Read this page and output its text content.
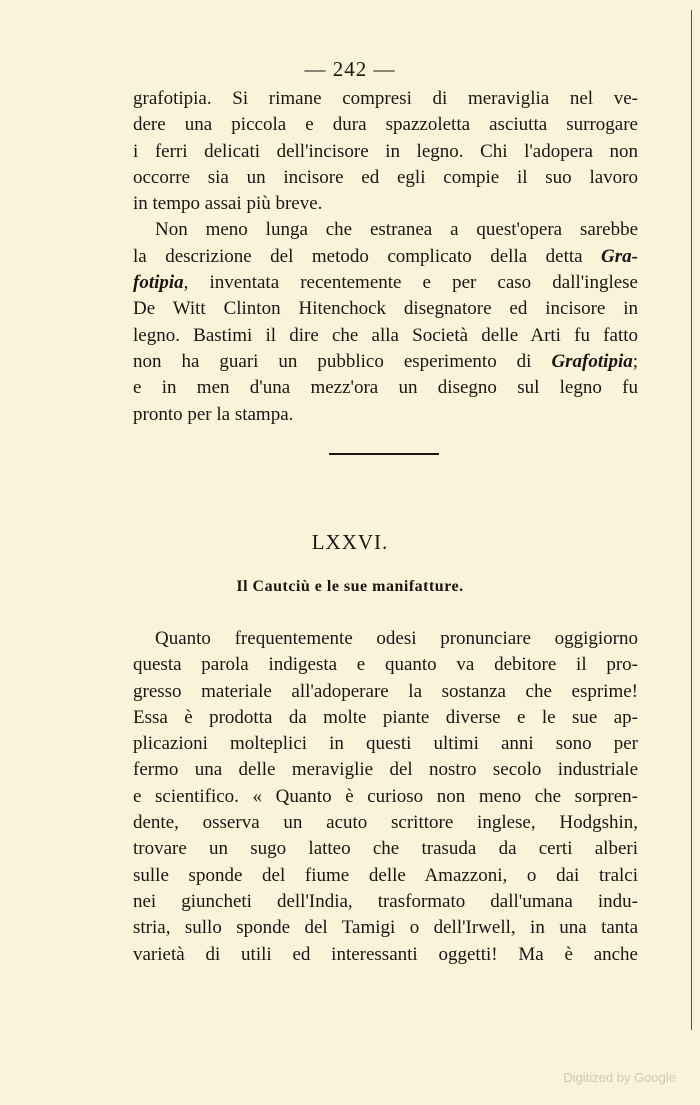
— 242 —
grafotipia. Si rimane compresi di meraviglia nel ve-
dere una piccola e dura spazzoletta asciutta surrogare
i ferri delicati dell'incisore in legno. Chi l'adopera non
occorre sia un incisore ed egli compie il suo lavoro
in tempo assai più breve.
Non meno lunga che estranea a quest'opera sarebbe
la descrizione del metodo complicato della detta Gra-
fotipia, inventata recentemente e per caso dall'inglese
De Witt Clinton Hitenchock disegnatore ed incisore in
legno. Bastimi il dire che alla Società delle Arti fu fatto
non ha guari un pubblico esperimento di Grafotipia;
e in men d'una mezz'ora un disegno sul legno fu
pronto per la stampa.
LXXVI.
Il Cautciù e le sue manifatture.
Quanto frequentemente odesi pronunciare oggigiorno
questa parola indigesta e quanto va debitore il pro-
gresso materiale all'adoperare la sostanza che esprime!
Essa è prodotta da molte piante diverse e le sue ap-
plicazioni molteplici in questi ultimi anni sono per
fermo una delle meraviglie del nostro secolo industriale
e scientifico. « Quanto è curioso non meno che sorpren-
dente, osserva un acuto scrittore inglese, Hodgshin,
trovare un sugo latteo che trasuda da certi alberi
sulle sponde del fiume delle Amazzoni, o dai tralci
nei giuncheti dell'India, trasformato dall'umana indu-
stria, sullo sponde del Tamigi o dell'Irwell, in una tanta
varietà di utili ed interessanti oggetti! Ma è anche
Digitized by Google
